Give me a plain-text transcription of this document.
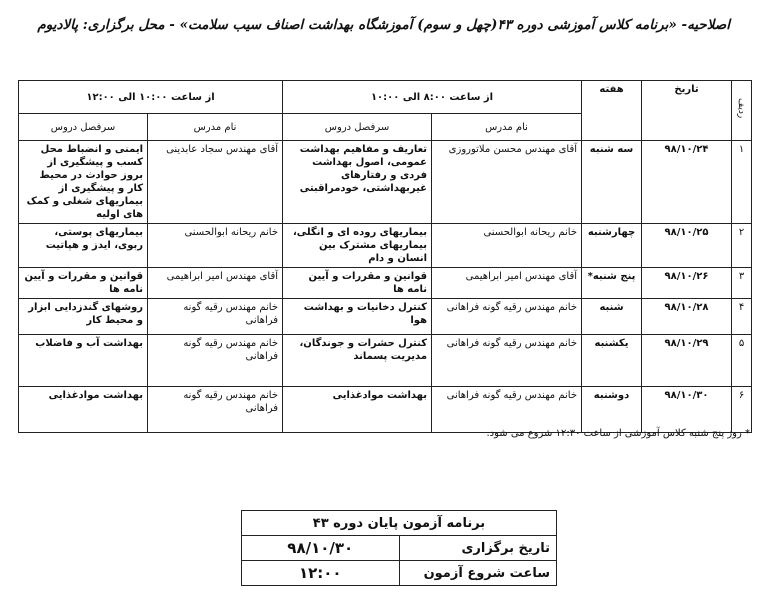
اصلاحیه- «برنامه کلاس آموزشی دوره ۴۳(چهل و سوم) آموزشگاه بهداشت اصناف سیب سلامت» - محل برگزاری: پالادیوم
ردیف	تاریخ	هفته	از ساعت ۸:۰۰ الی ۱۰:۰۰		از ساعت ۱۰:۰۰ الی ۱۲:۰۰	
			نام مدرس	سرفصل دروس	نام مدرس	سرفصل دروس
۱	۹۸/۱۰/۲۴	سه شنبه	آقای مهندس محسن ملاتوروزی	تعاریف و مفاهیم بهداشت عمومی، اصول بهداشت فردی و رفتارهای غیربهداشتی، خودمراقبتی	آقای مهندس سجاد عابدینی	ایمنی و انضباط محل کسب و پیشگیری از بروز حوادث در محیط کار و پیشگیری از بیماریهای شغلی و کمک های اولیه
۲	۹۸/۱۰/۲۵	چهارشنبه	خانم ریحانه ابوالحسنی	بیماریهای روده ای و انگلی، بیماریهای مشترک بین انسان و دام	خانم ریحانه ابوالحسنی	بیماریهای پوستی، ربوی، ایدز و هپاتیت
۳	۹۸/۱۰/۲۶	پنج شنبه*	آقای مهندس امیر ابراهیمی	قوانین و مقررات و آیین نامه ها	آقای مهندس امیر ابراهیمی	قوانین و مقررات و آیین نامه ها
۴	۹۸/۱۰/۲۸	شنبه	خانم مهندس رقیه گونه فراهانی	کنترل دخانیات و بهداشت هوا	خانم مهندس رقیه گونه فراهانی	روشهای گندزدایی ابزار و محیط کار
۵	۹۸/۱۰/۲۹	یکشنبه	خانم مهندس رقیه گونه فراهانی	کنترل حشرات و جوندگان، مدیریت پسماند	خانم مهندس رقیه گونه فراهانی	بهداشت آب و فاضلاب
۶	۹۸/۱۰/۳۰	دوشنبه	خانم مهندس رقیه گونه فراهانی	بهداشت موادغذایی	خانم مهندس رقیه گونه فراهانی	بهداشت موادغذایی
* روز پنج شنبه کلاس آموزشی از ساعت ۱۲:۳۰ شروع می شود.
برنامه آزمون پایان دوره ۴۳	
تاریخ برگزاری	۹۸/۱۰/۳۰
ساعت شروع آزمون	۱۲:۰۰
